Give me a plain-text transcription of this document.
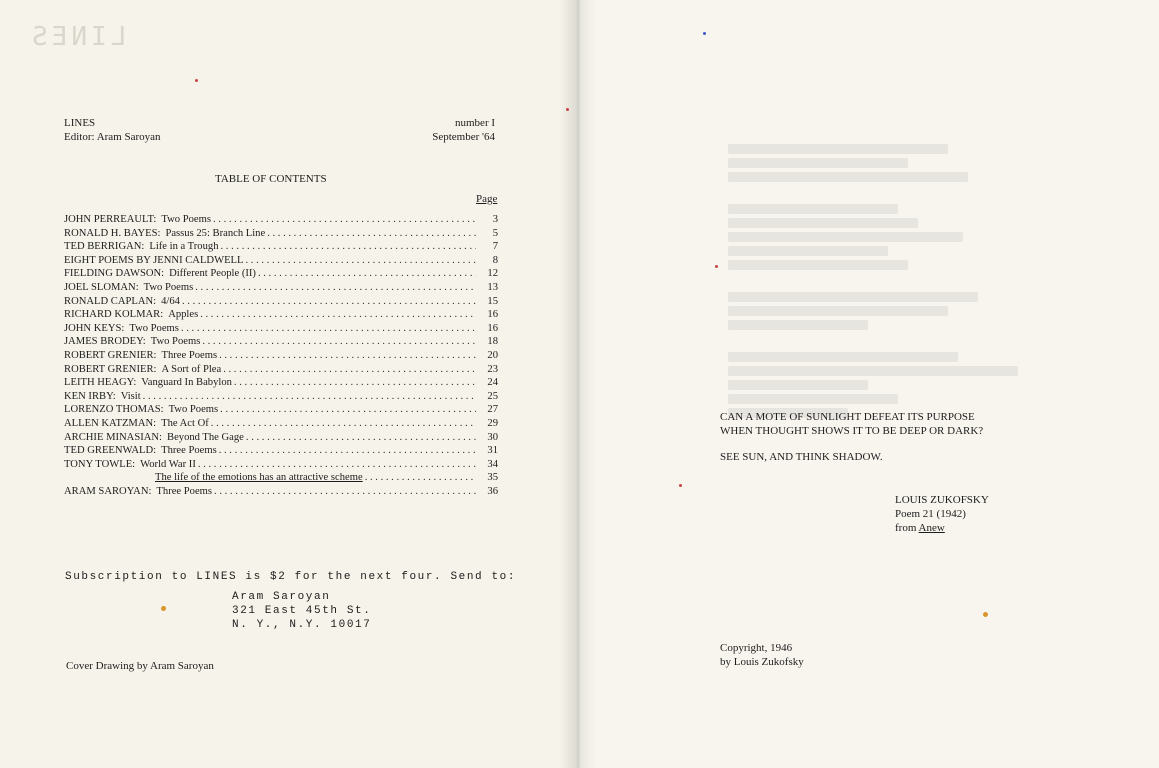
LINES
LINES
Editor: Aram Saroyan
number I
September '64
TABLE OF CONTENTS
Page
JOHN PERREAULT: Two Poems . . .	3
RONALD H. BAYES: Passus 25: Branch Line . . .	5
TED BERRIGAN: Life in a Trough . . .	7
EIGHT POEMS BY JENNI CALDWELL . . .	8
FIELDING DAWSON: Different People (II) . . .	12
JOEL SLOMAN: Two Poems . . .	13
RONALD CAPLAN: 4/64 . . .	15
RICHARD KOLMAR: Apples . . .	16
JOHN KEYS: Two Poems . . .	16
JAMES BRODEY: Two Poems . . .	18
ROBERT GRENIER: Three Poems . . .	20
ROBERT GRENIER: A Sort of Plea . . .	23
LEITH HEAGY: Vanguard In Babylon . . .	24
KEN IRBY: Visit . . .	25
LORENZO THOMAS: Two Poems . . .	27
ALLEN KATZMAN: The Act Of . . .	29
ARCHIE MINASIAN: Beyond The Gage . . .	30
TED GREENWALD: Three Poems . . .	31
TONY TOWLE: World War II . . .	34
The life of the emotions has an attractive scheme . . .	35
ARAM SAROYAN: Three Poems . . .	36
Subscription to LINES is $2 for the next four. Send to:
Aram Saroyan
321 East 45th St.
N. Y., N.Y. 10017
Cover Drawing by Aram Saroyan
CAN A MOTE OF SUNLIGHT DEFEAT ITS PURPOSE
WHEN THOUGHT SHOWS IT TO BE DEEP OR DARK?
SEE SUN, AND THINK SHADOW.
LOUIS ZUKOFSKY
Poem 21 (1942)
from Anew
Copyright, 1946
by Louis Zukofsky
